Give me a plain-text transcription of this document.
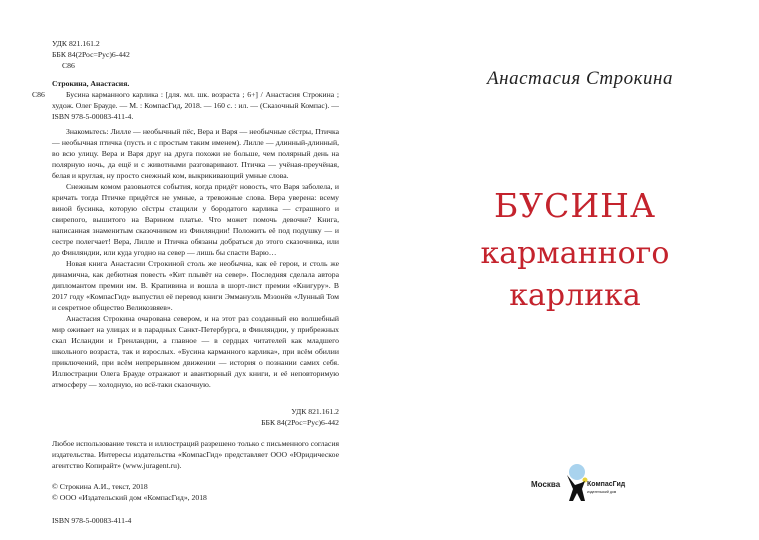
УДК 821.161.2
ББК 84(2Рос=Рус)6-442
С86
Строкина, Анастасия.
С86	Бусина карманного карлика : [для. мл. шк. возраста ; 6+] / Анастасия Строкина ; худож. Олег Брауде. — М. : КомпасГид, 2018. — 160 с. : ил. — (Сказочный Компас). — ISBN 978-5-00083-411-4.

Знакомьтесь: Лилле — необычный пёс, Вера и Варя — необычные сёстры, Птичка — необычная птичка (пусть и с простым таким именем). Лилле — длинный-длинный, во всю улицу. Вера и Варя друг на друга похожи не больше, чем полярный день на полярную ночь, да ещё и с животными разговаривают. Птичка — учёная-преучёная, белая и круглая, ну просто снежный ком, выкрикивающий умные слова.

Снежным комом разовьются события, когда придёт новость, что Варя заболела, и кричать тогда Птичке придётся не умные, а тревожные слова. Вера уверена: всему виной бусинка, которую сёстры стащили у бородатого карлика — страшного и свирепого, вышитого на Варином платье. Что может помочь девочке? Книга, написанная знаменитым сказочником из Финляндии! Положить её под подушку — и сестре полегчает! Вера, Лилле и Птичка обязаны добраться до этого сказочника, или до Финляндии, или куда угодно на север — лишь бы спасти Варю…

Новая книга Анастасии Строкиной столь же необычна, как её герои, и столь же динамична, как дебютная повесть «Кит плывёт на север». Последняя сделала автора дипломантом премии им. В. Крапивина и вошла в шорт-лист премии «Книгуру». В 2017 году «КомпасГид» выпустил её перевод книги Эммануэль Мэзонёв «Лунный Том и секретное общество Великозвяев».

Анастасия Строкина очарована севером, и на этот раз созданный ею волшебный мир оживает на улицах и в парадных Санкт-Петербурга, в Финляндии, у прибрежных скал Исландии и Гренландии, а главное — в сердцах читателей как младшего школьного возраста, так и взрослых. «Бусина карманного карлика», при всём обилии приключений, при всём непрерывном движении — история о познании самих себя. Иллюстрации Олега Брауде отражают и авантюрный дух книги, и её неповторимую атмосферу — холодную, но всё-таки сказочную.

УДК 821.161.2
ББК 84(2Рос=Рус)6-442
Любое использование текста и иллюстраций разрешено только с письменного согласия издательства. Интересы издательства «КомпасГид» представляет ООО «Юридическое агентство Копирайт» (www.juragent.ru).
© Строкина А.И., текст, 2018
© ООО «Издательский дом «КомпасГид», 2018
ISBN 978-5-00083-411-4
Анастасия Строкина
БУСИНА
карманного
карлика
Москва	КомпасГид
издательский дом
